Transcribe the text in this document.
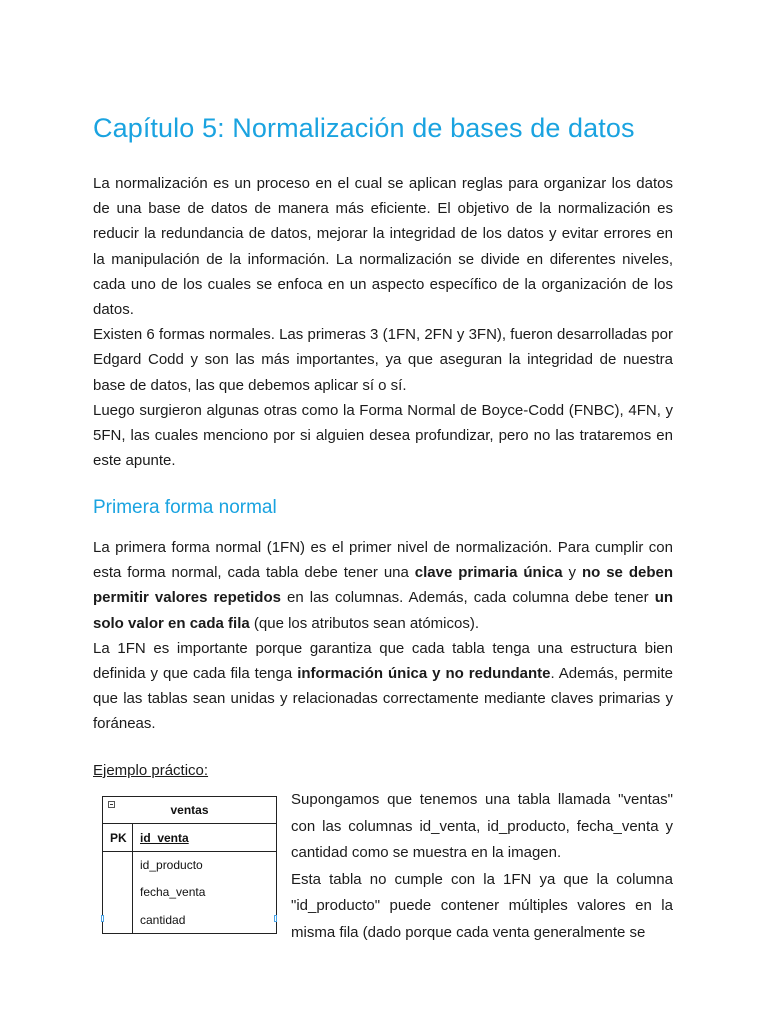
Capítulo 5: Normalización de bases de datos
La normalización es un proceso en el cual se aplican reglas para organizar los datos de una base de datos de manera más eficiente. El objetivo de la normalización es reducir la redundancia de datos, mejorar la integridad de los datos y evitar errores en la manipulación de la información. La normalización se divide en diferentes niveles, cada uno de los cuales se enfoca en un aspecto específico de la organización de los datos.
Existen 6 formas normales. Las primeras 3 (1FN, 2FN y 3FN), fueron desarrolladas por Edgard Codd y son las más importantes, ya que aseguran la integridad de nuestra base de datos, las que debemos aplicar sí o sí.
Luego surgieron algunas otras como la Forma Normal de Boyce-Codd (FNBC), 4FN, y 5FN, las cuales menciono por si alguien desea profundizar, pero no las trataremos en este apunte.
Primera forma normal
La primera forma normal (1FN) es el primer nivel de normalización. Para cumplir con esta forma normal, cada tabla debe tener una clave primaria única y no se deben permitir valores repetidos en las columnas. Además, cada columna debe tener un solo valor en cada fila (que los atributos sean atómicos).
La 1FN es importante porque garantiza que cada tabla tenga una estructura bien definida y que cada fila tenga información única y no redundante. Además, permite que las tablas sean unidas y relacionadas correctamente mediante claves primarias y foráneas.
Ejemplo práctico:
ventas
PK id_venta
id_producto
fecha_venta
cantidad
Supongamos que tenemos una tabla llamada "ventas" con las columnas id_venta, id_producto, fecha_venta y cantidad como se muestra en la imagen.
Esta tabla no cumple con la 1FN ya que la columna "id_producto" puede contener múltiples valores en la misma fila (dado porque cada venta generalmente se
